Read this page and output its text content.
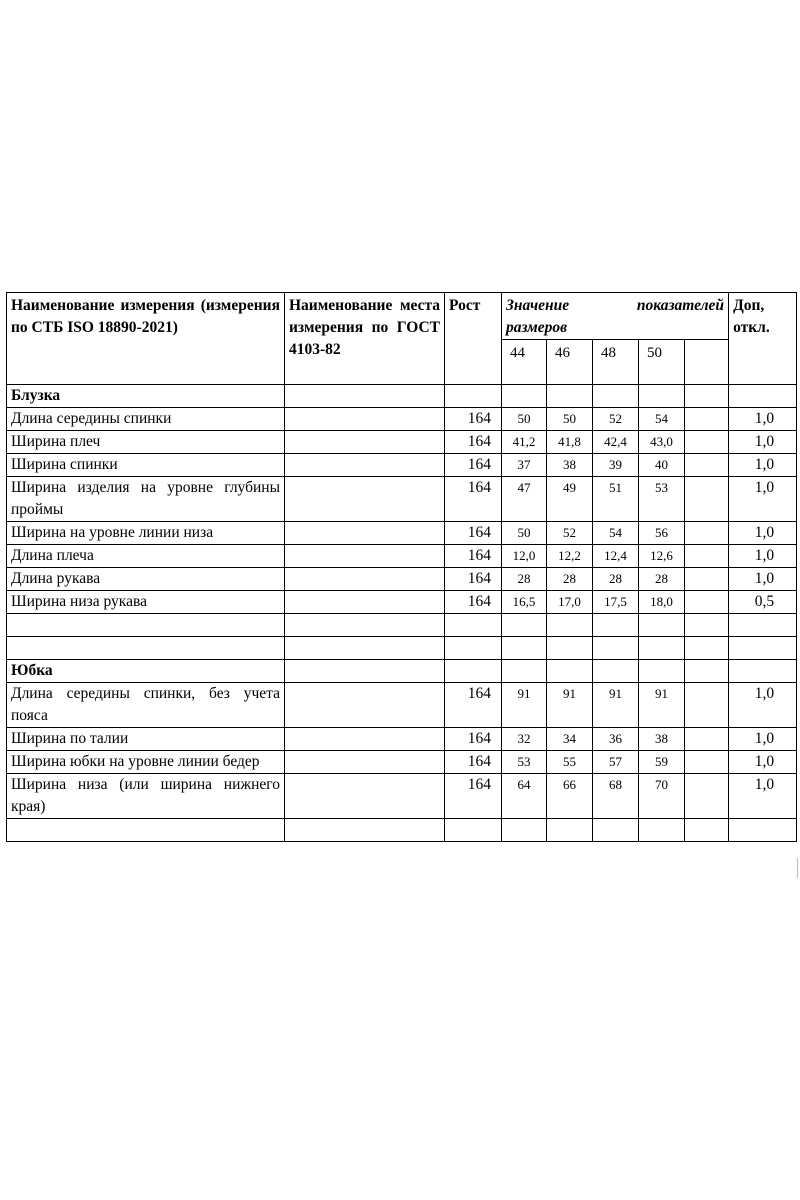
Наименование измерения (измерения по СТБ ISO 18890-2021)	Наименование места измерения по ГОСТ 4103-82	Рост	Значение показателей размеров					Доп, откл.
			44	46	48	50		
Блузка								
Длина середины спинки		164	50	50	52	54		1,0
Ширина плеч		164	41,2	41,8	42,4	43,0		1,0
Ширина спинки		164	37	38	39	40		1,0
Ширина изделия на уровне глубины проймы		164	47	49	51	53		1,0
Ширина на уровне линии низа		164	50	52	54	56		1,0
Длина плеча		164	12,0	12,2	12,4	12,6		1,0
Длина рукава		164	28	28	28	28		1,0
Ширина низа рукава		164	16,5	17,0	17,5	18,0		0,5

Юбка								
Длина середины спинки, без учета пояса		164	91	91	91	91		1,0
Ширина по талии		164	32	34	36	38		1,0
Ширина юбки на уровне линии бедер		164	53	55	57	59		1,0
Ширина низа (или ширина нижнего края)		164	64	66	68	70		1,0
